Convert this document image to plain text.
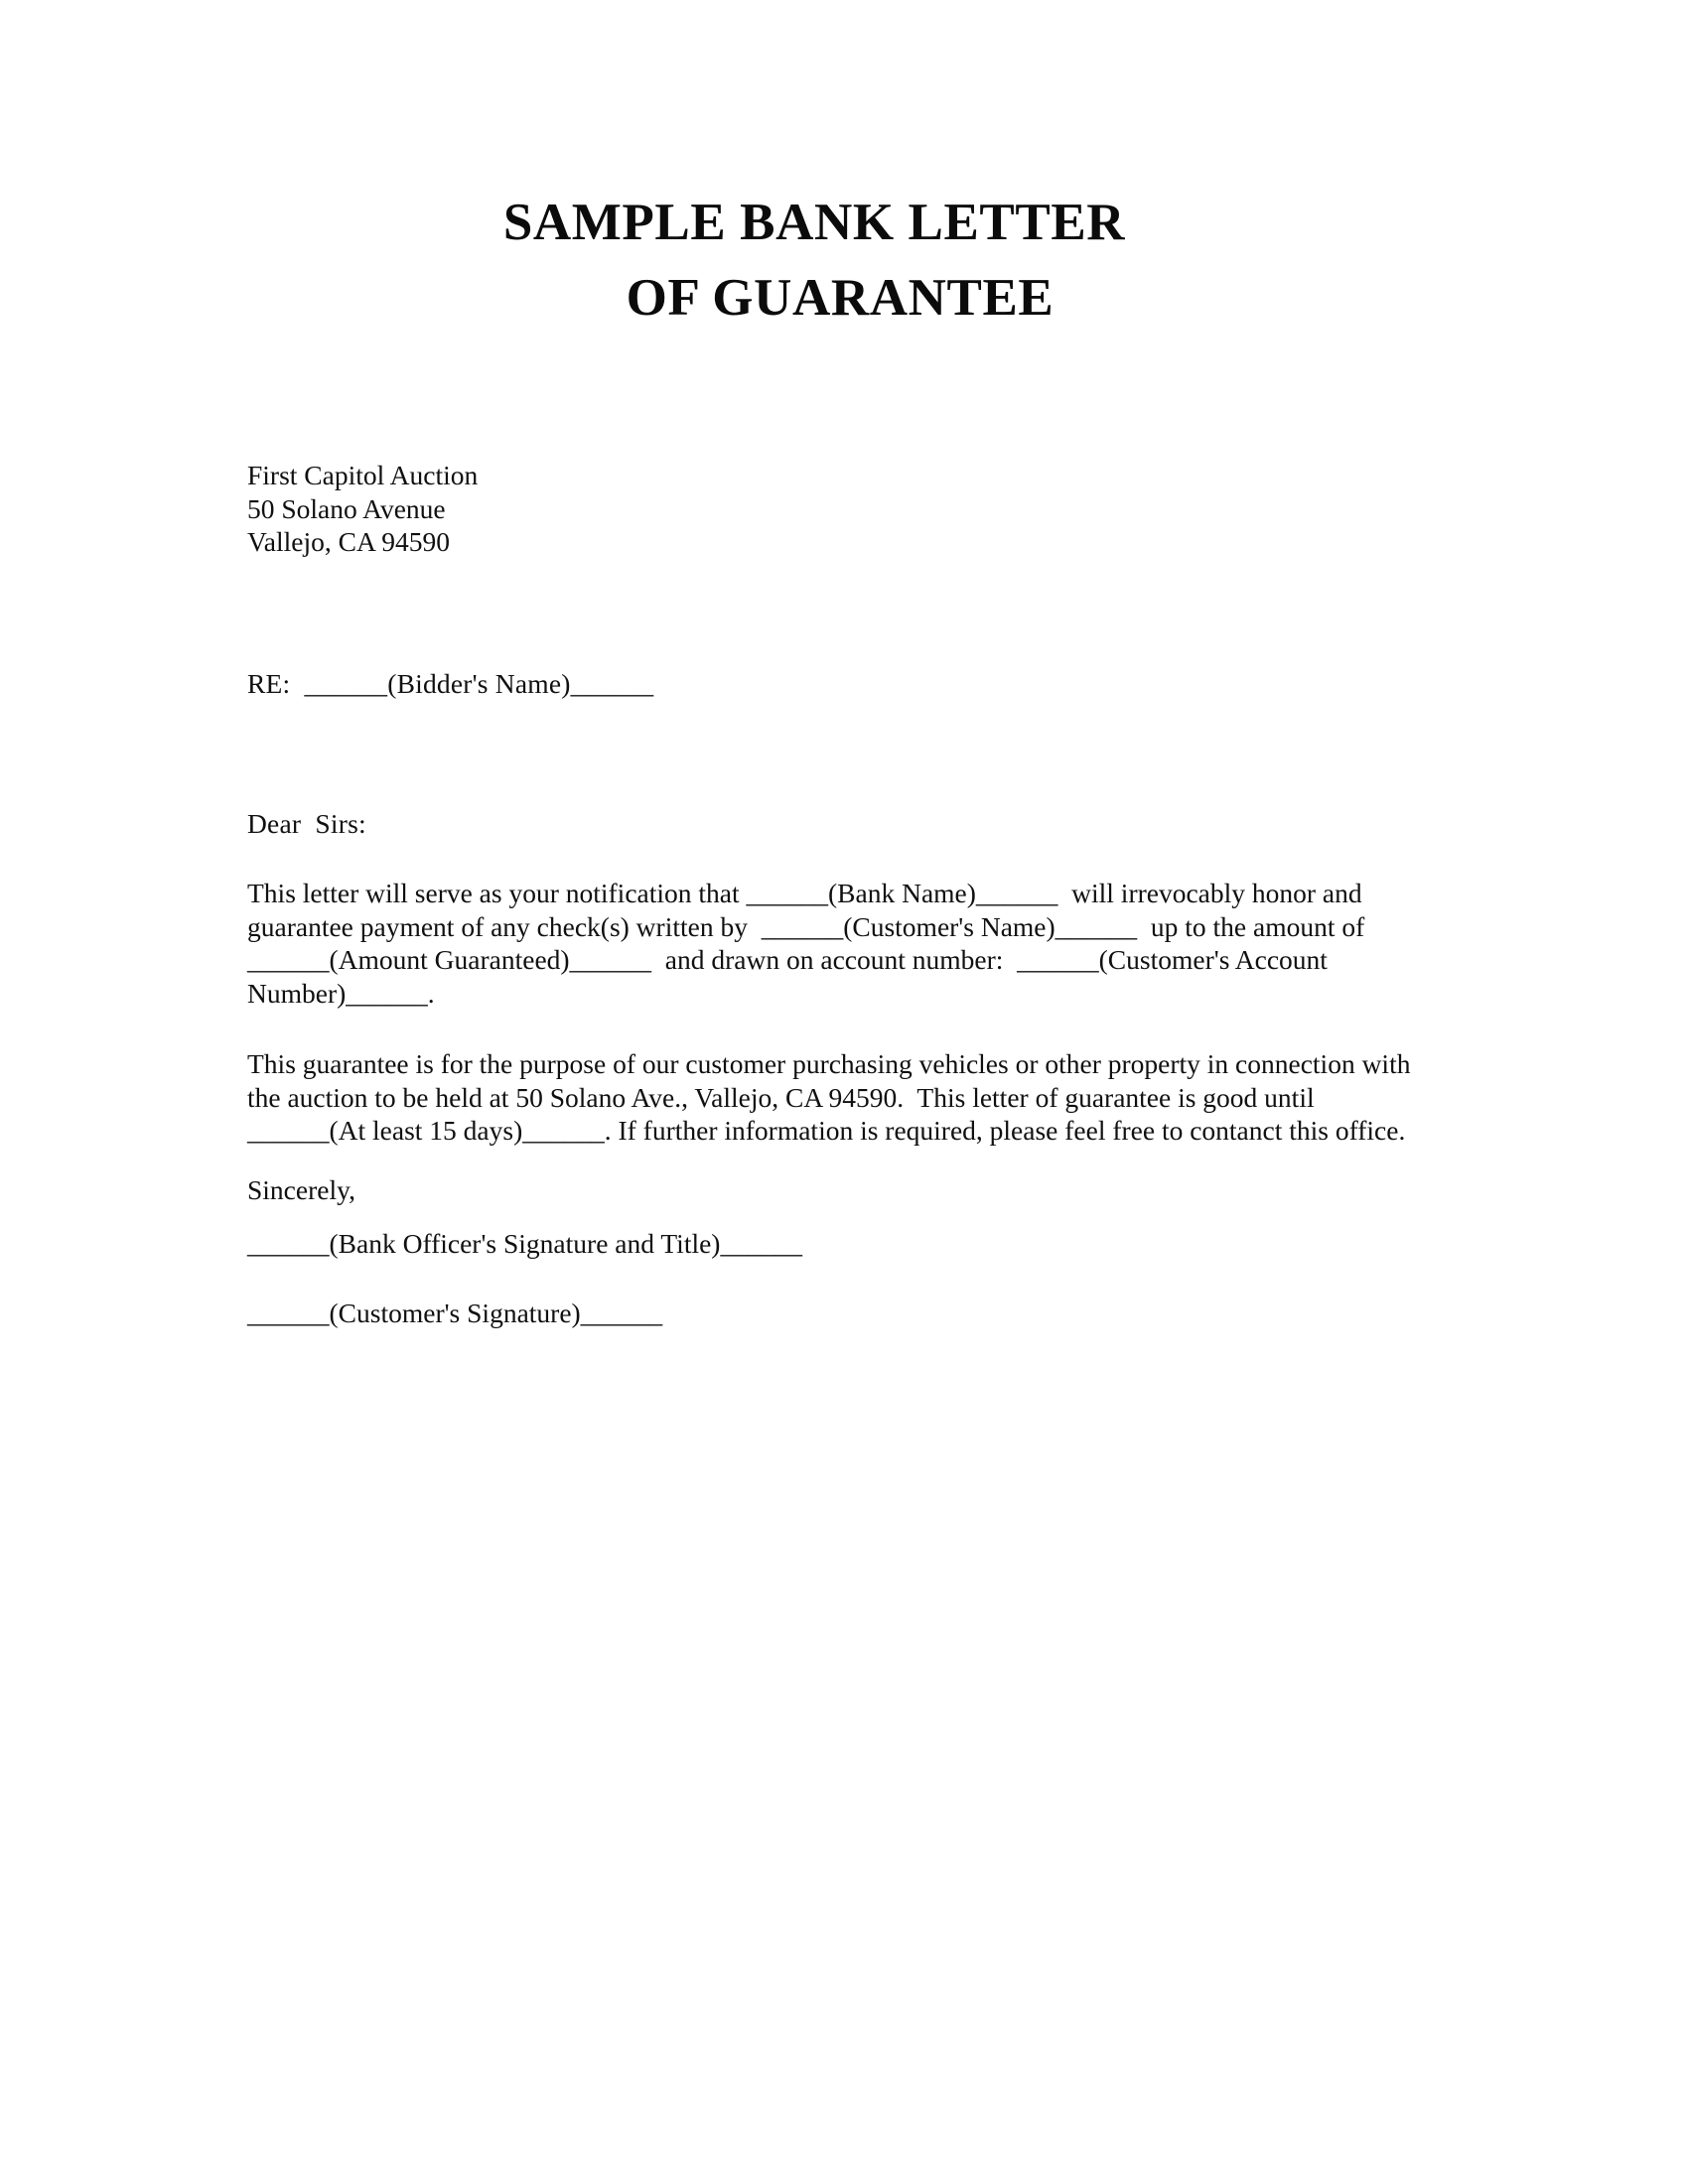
SAMPLE BANK LETTER
OF GUARANTEE
First Capitol Auction
50 Solano Avenue
Vallejo, CA 94590
RE:  ______(Bidder's Name)______
Dear  Sirs:
This letter will serve as your notification that ______(Bank Name)______  will irrevocably honor and
guarantee payment of any check(s) written by  ______(Customer's Name)______  up to the amount of
______(Amount Guaranteed)______  and drawn on account number:  ______(Customer's Account
Number)______.
This guarantee is for the purpose of our customer purchasing vehicles or other property in connection with
the auction to be held at 50 Solano Ave., Vallejo, CA 94590.  This letter of guarantee is good until
______(At least 15 days)______. If further information is required, please feel free to contanct this office.
Sincerely,
______(Bank Officer's Signature and Title)______
______(Customer's Signature)______
